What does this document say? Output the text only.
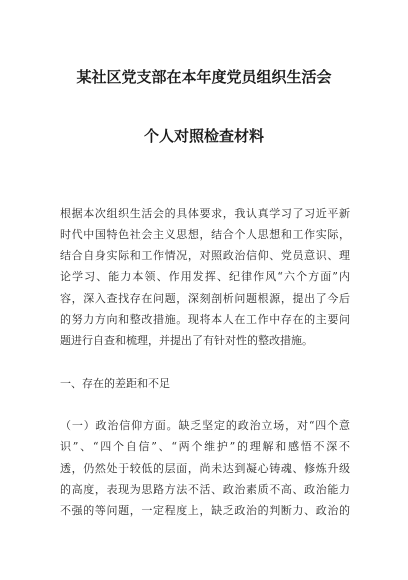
某社区党支部在本年度党员组织生活会
个人对照检查材料
根据本次组织生活会的具体要求，我认真学习了习近平新
时代中国特色社会主义思想，结合个人思想和工作实际，
结合自身实际和工作情况，对照政治信仰、党员意识、理
论学习、能力本领、作用发挥、纪律作风“六个方面”内
容，深入查找存在问题，深刻剖析问题根源，提出了今后
的努力方向和整改措施。现将本人在工作中存在的主要问
题进行自查和梳理，并提出了有针对性的整改措施。
一、存在的差距和不足
（一）政治信仰方面。缺乏坚定的政治立场，对“四个意
识”、“四个自信”、“两个维护”的理解和感悟不深不
透，仍然处于较低的层面，尚未达到凝心铸魂、修炼升级
的高度，表现为思路方法不活、政治素质不高、政治能力
不强的等问题，一定程度上，缺乏政治的判断力、政治的
